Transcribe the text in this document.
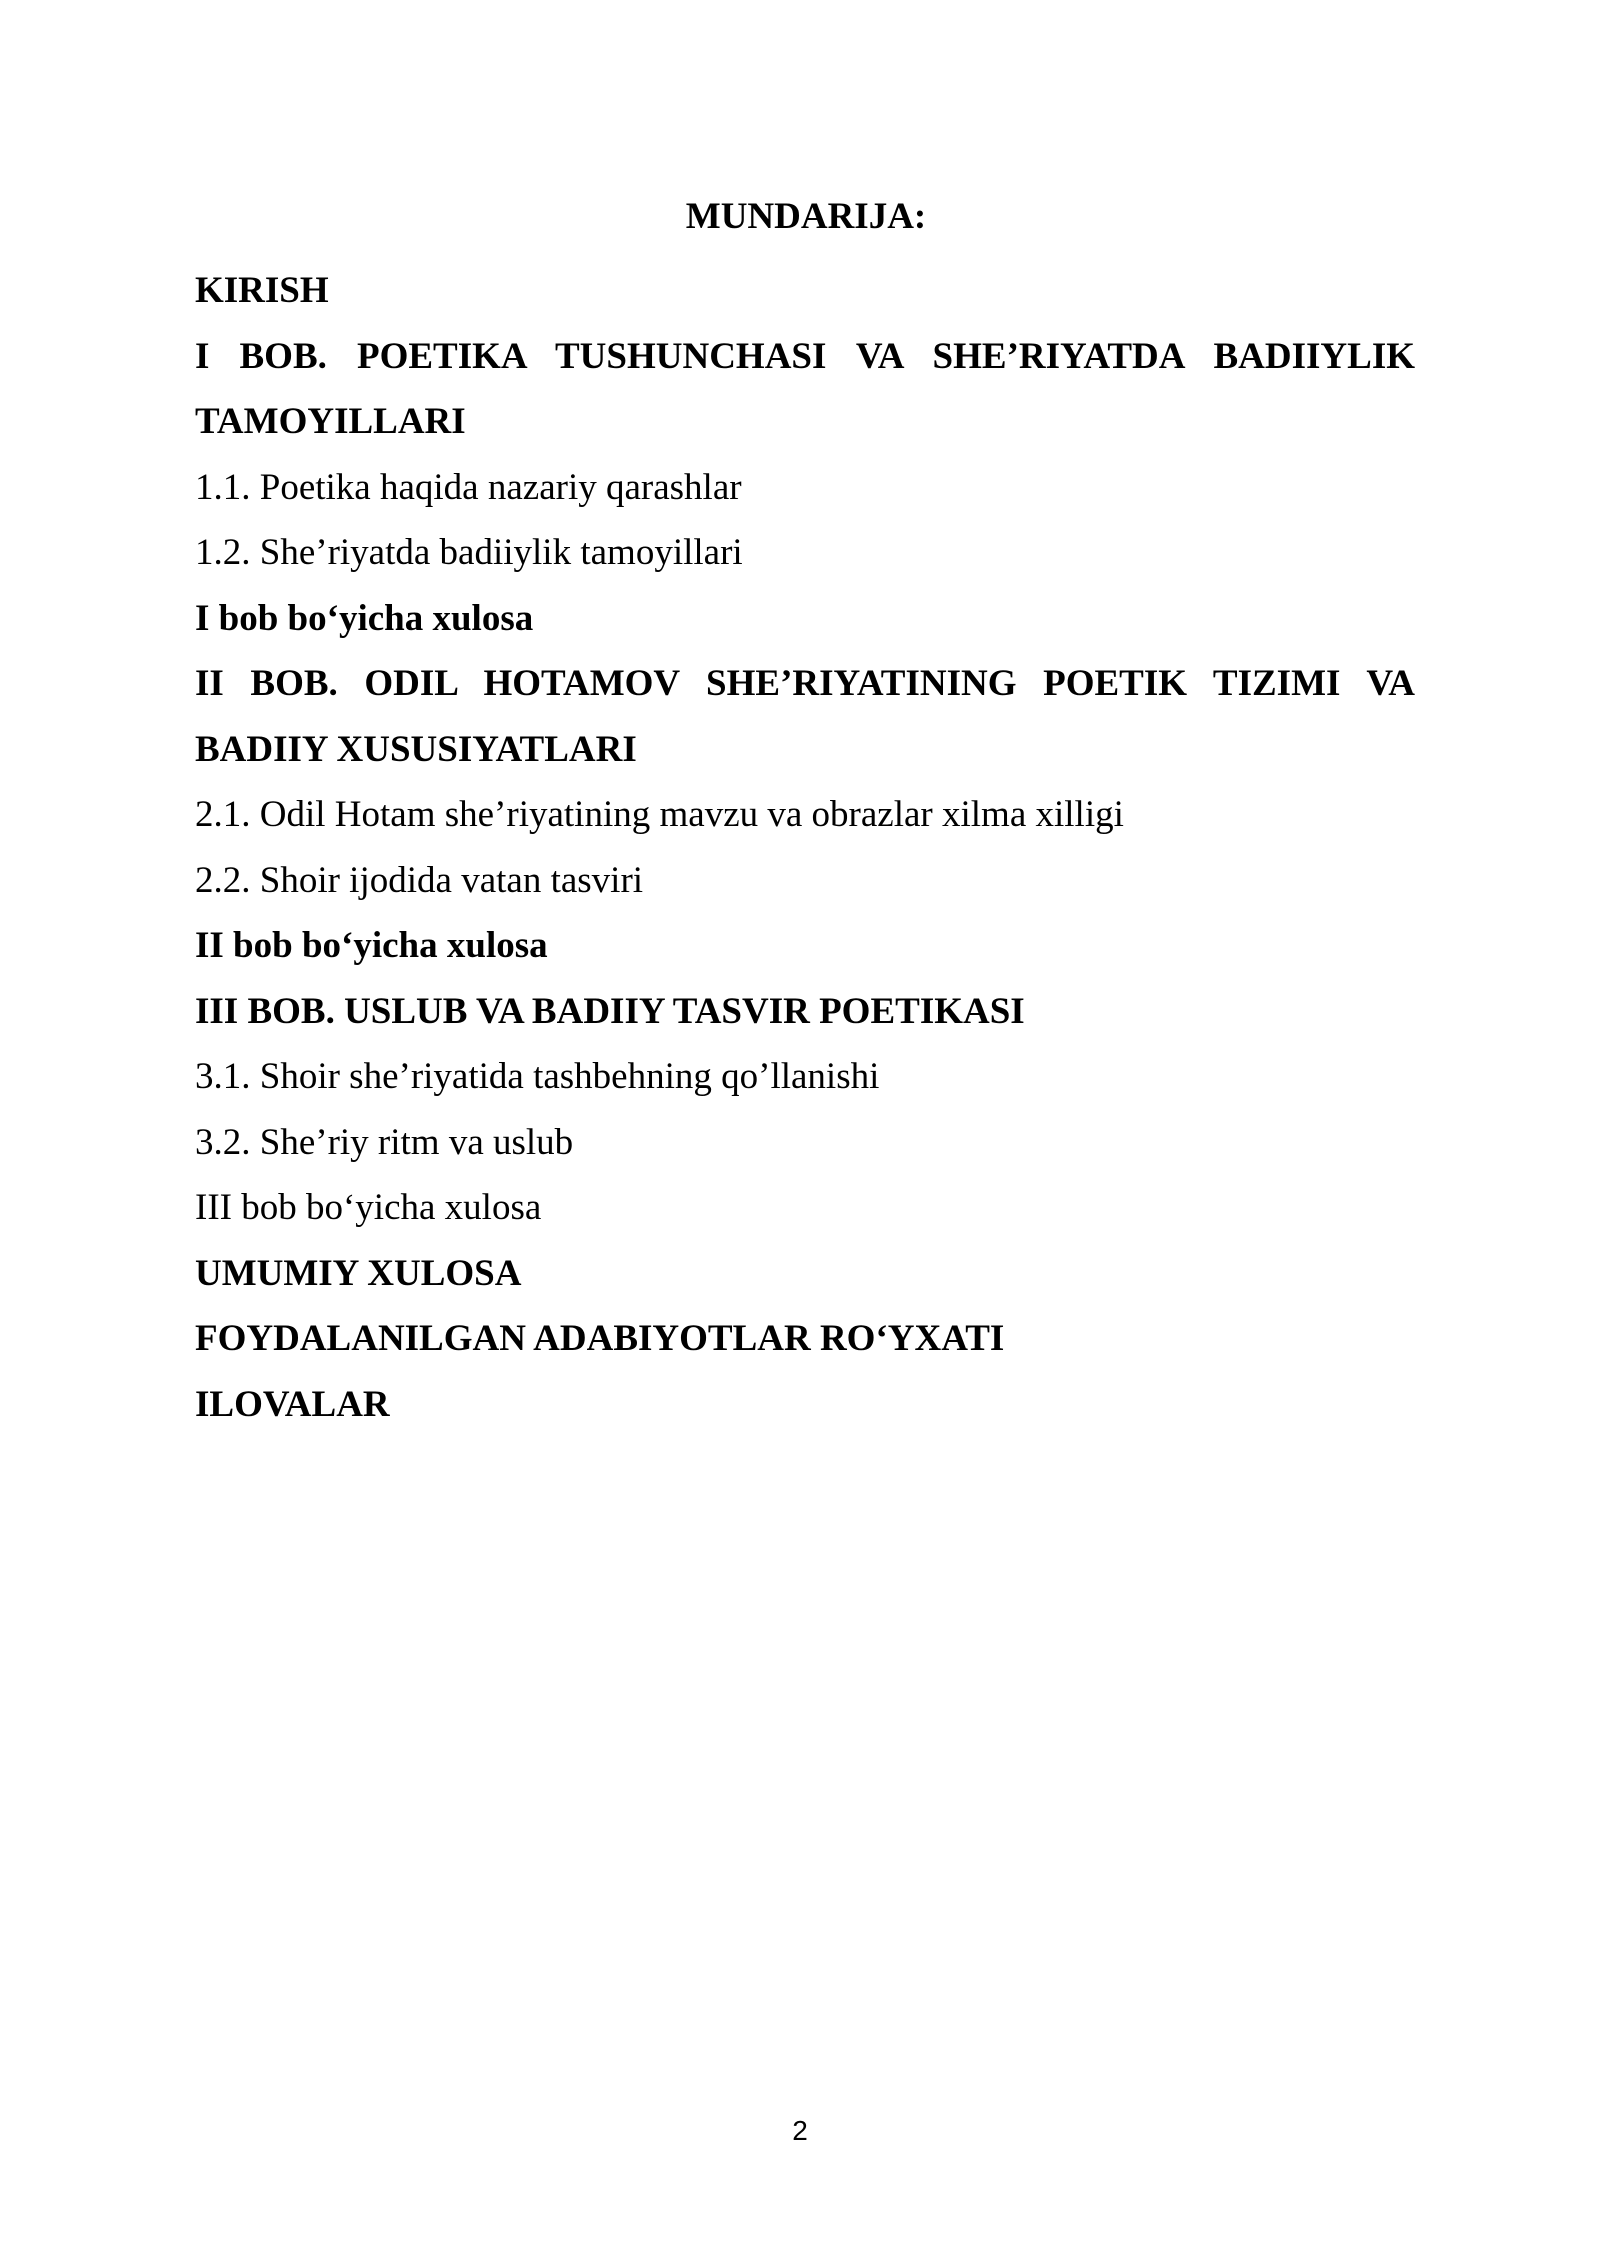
MUNDARIJA:

KIRISH

I BOB. POETIKA TUSHUNCHASI VA SHE’RIYATDA BADIIYLIK

TAMOYILLARI

1.1. Poetika haqida nazariy qarashlar

1.2. She’riyatda badiiylik tamoyillari

I bob bo‘yicha xulosa

II BOB. ODIL HOTAMOV SHE’RIYATINING POETIK TIZIMI VA

BADIIY XUSUSIYATLARI

2.1. Odil Hotam she’riyatining mavzu va obrazlar xilma xilligi

2.2. Shoir ijodida vatan tasviri

II bob bo‘yicha xulosa

III BOB. USLUB VA BADIIY TASVIR POETIKASI

3.1. Shoir she’riyatida tashbehning qo’llanishi

3.2. She’riy ritm va uslub

III bob bo‘yicha xulosa

UMUMIY XULOSA

FOYDALANILGAN ADABIYOTLAR RO‘YXATI

ILOVALAR

2
